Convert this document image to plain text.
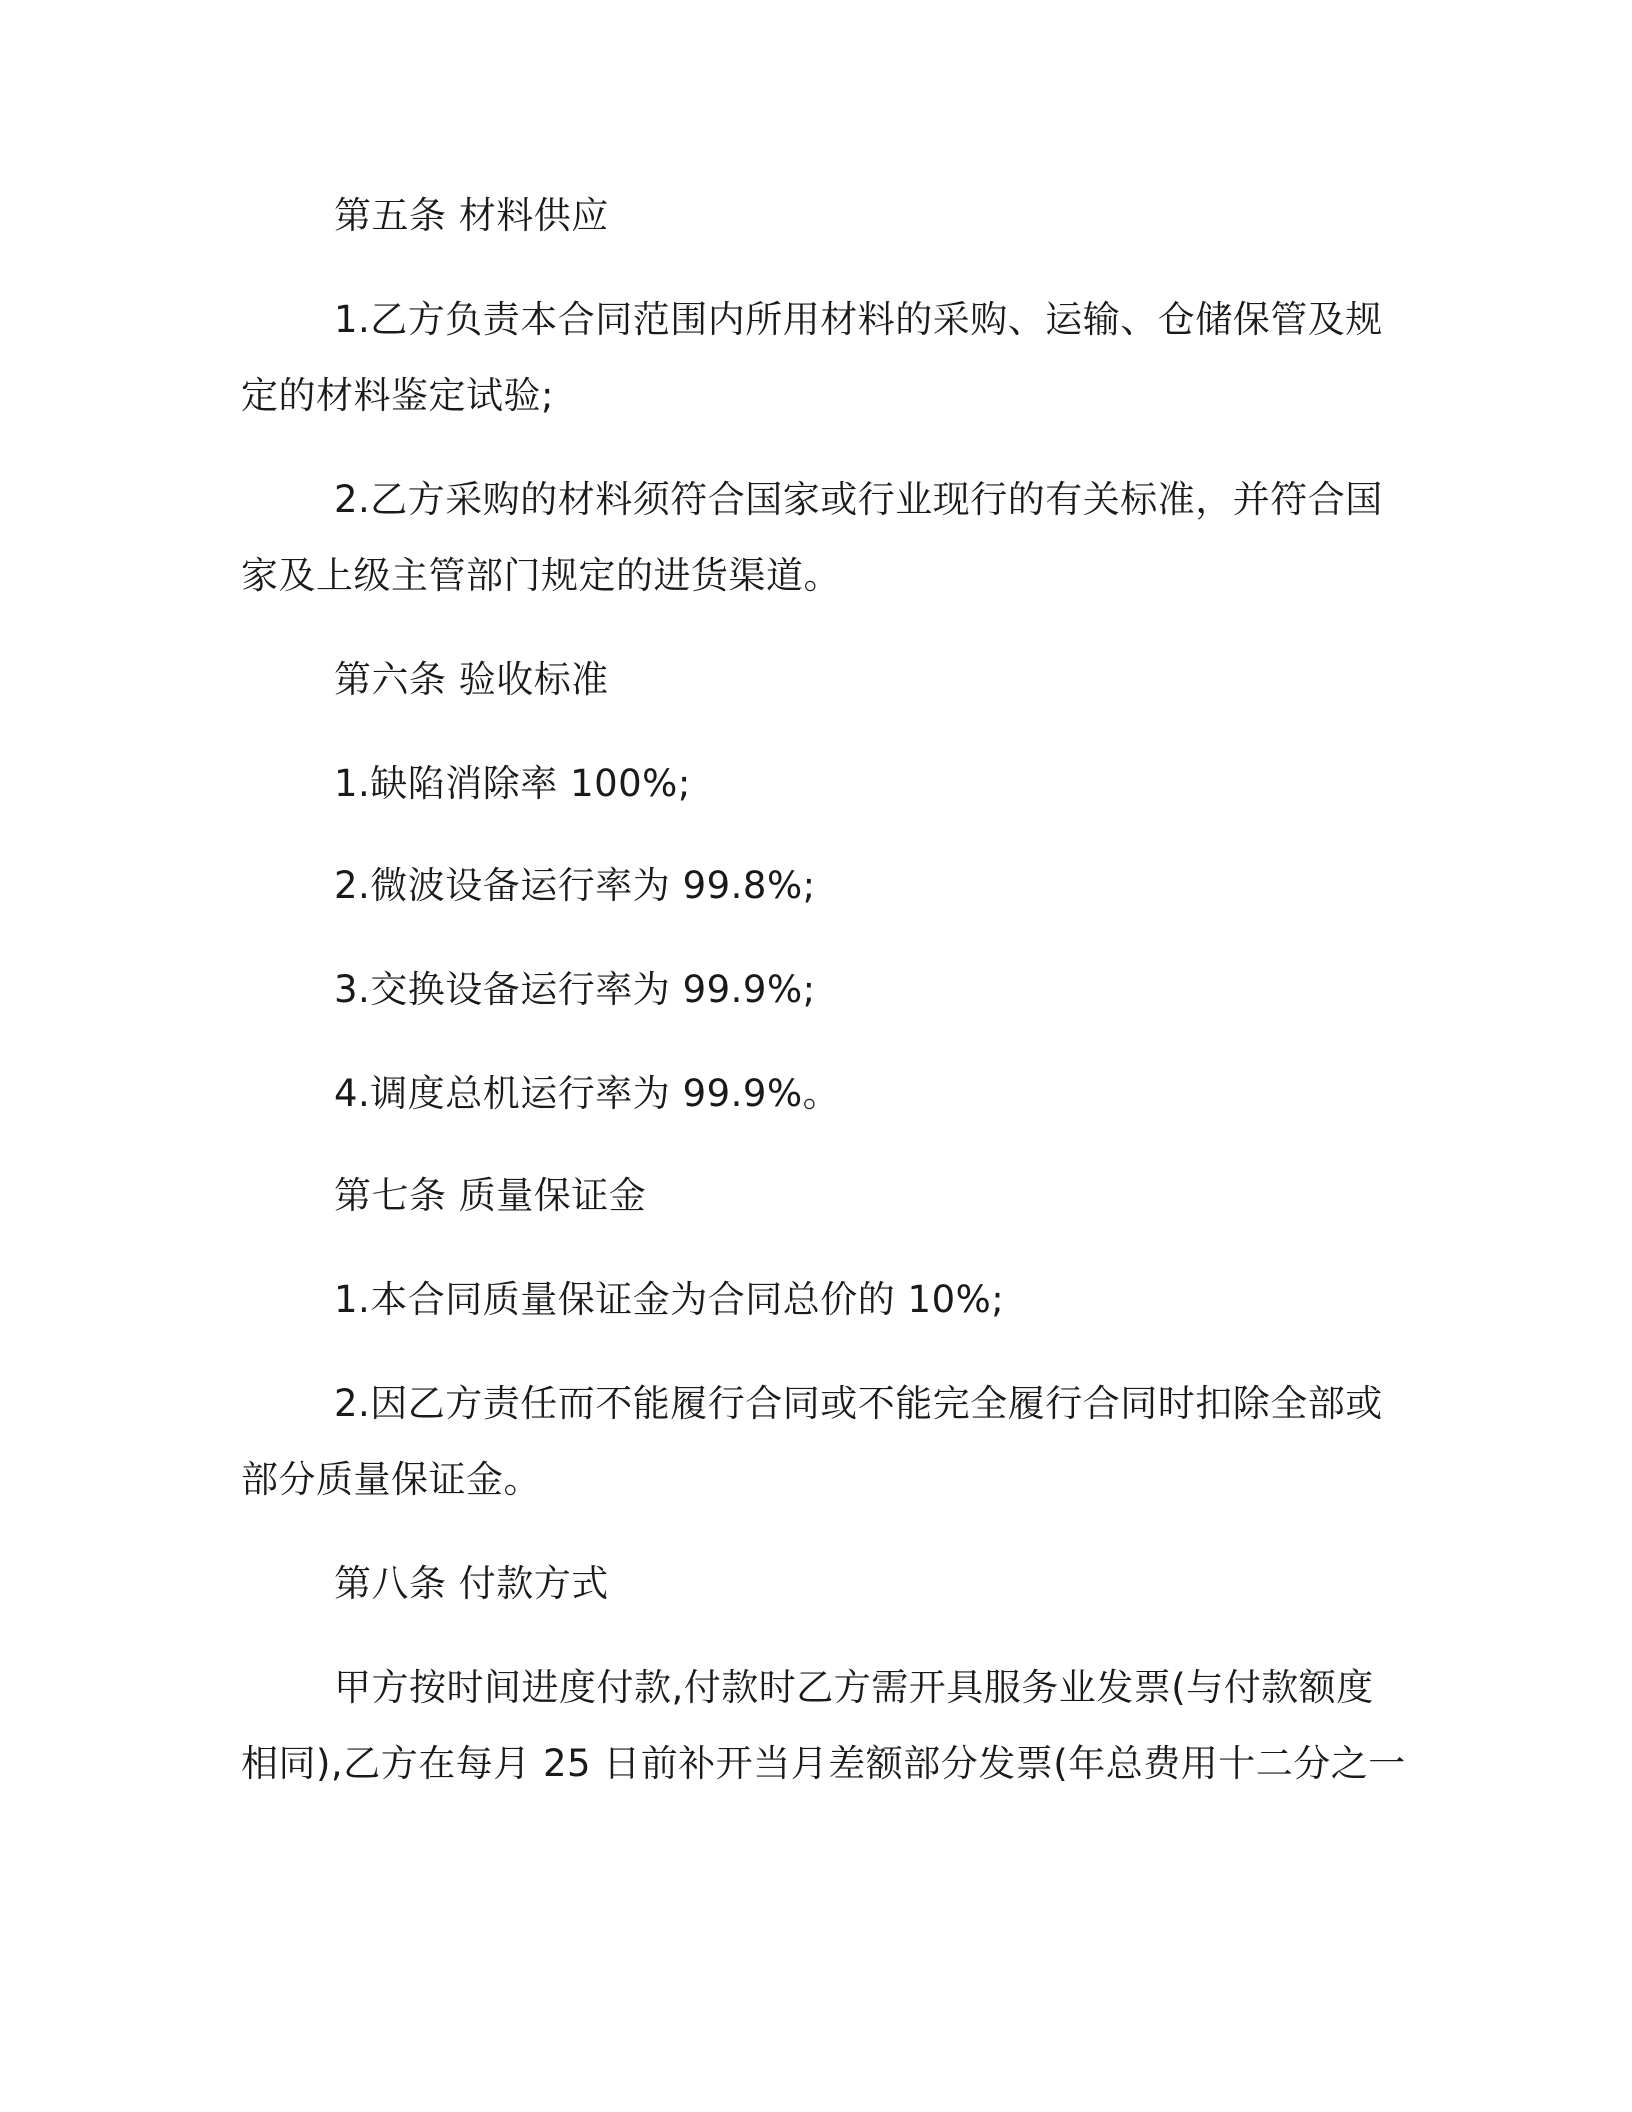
第五条 材料供应
1.乙方负责本合同范围内所用材料的采购、运输、仓储保管及规
定的材料鉴定试验;
2.乙方采购的材料须符合国家或行业现行的有关标准，并符合国
家及上级主管部门规定的进货渠道。
第六条 验收标准
1.缺陷消除率 100%;
2.微波设备运行率为 99.8%;
3.交换设备运行率为 99.9%;
4.调度总机运行率为 99.9%。
第七条 质量保证金
1.本合同质量保证金为合同总价的 10%;
2.因乙方责任而不能履行合同或不能完全履行合同时扣除全部或
部分质量保证金。
第八条 付款方式
甲方按时间进度付款,付款时乙方需开具服务业发票(与付款额度
相同),乙方在每月 25 日前补开当月差额部分发票(年总费用十二分之一
